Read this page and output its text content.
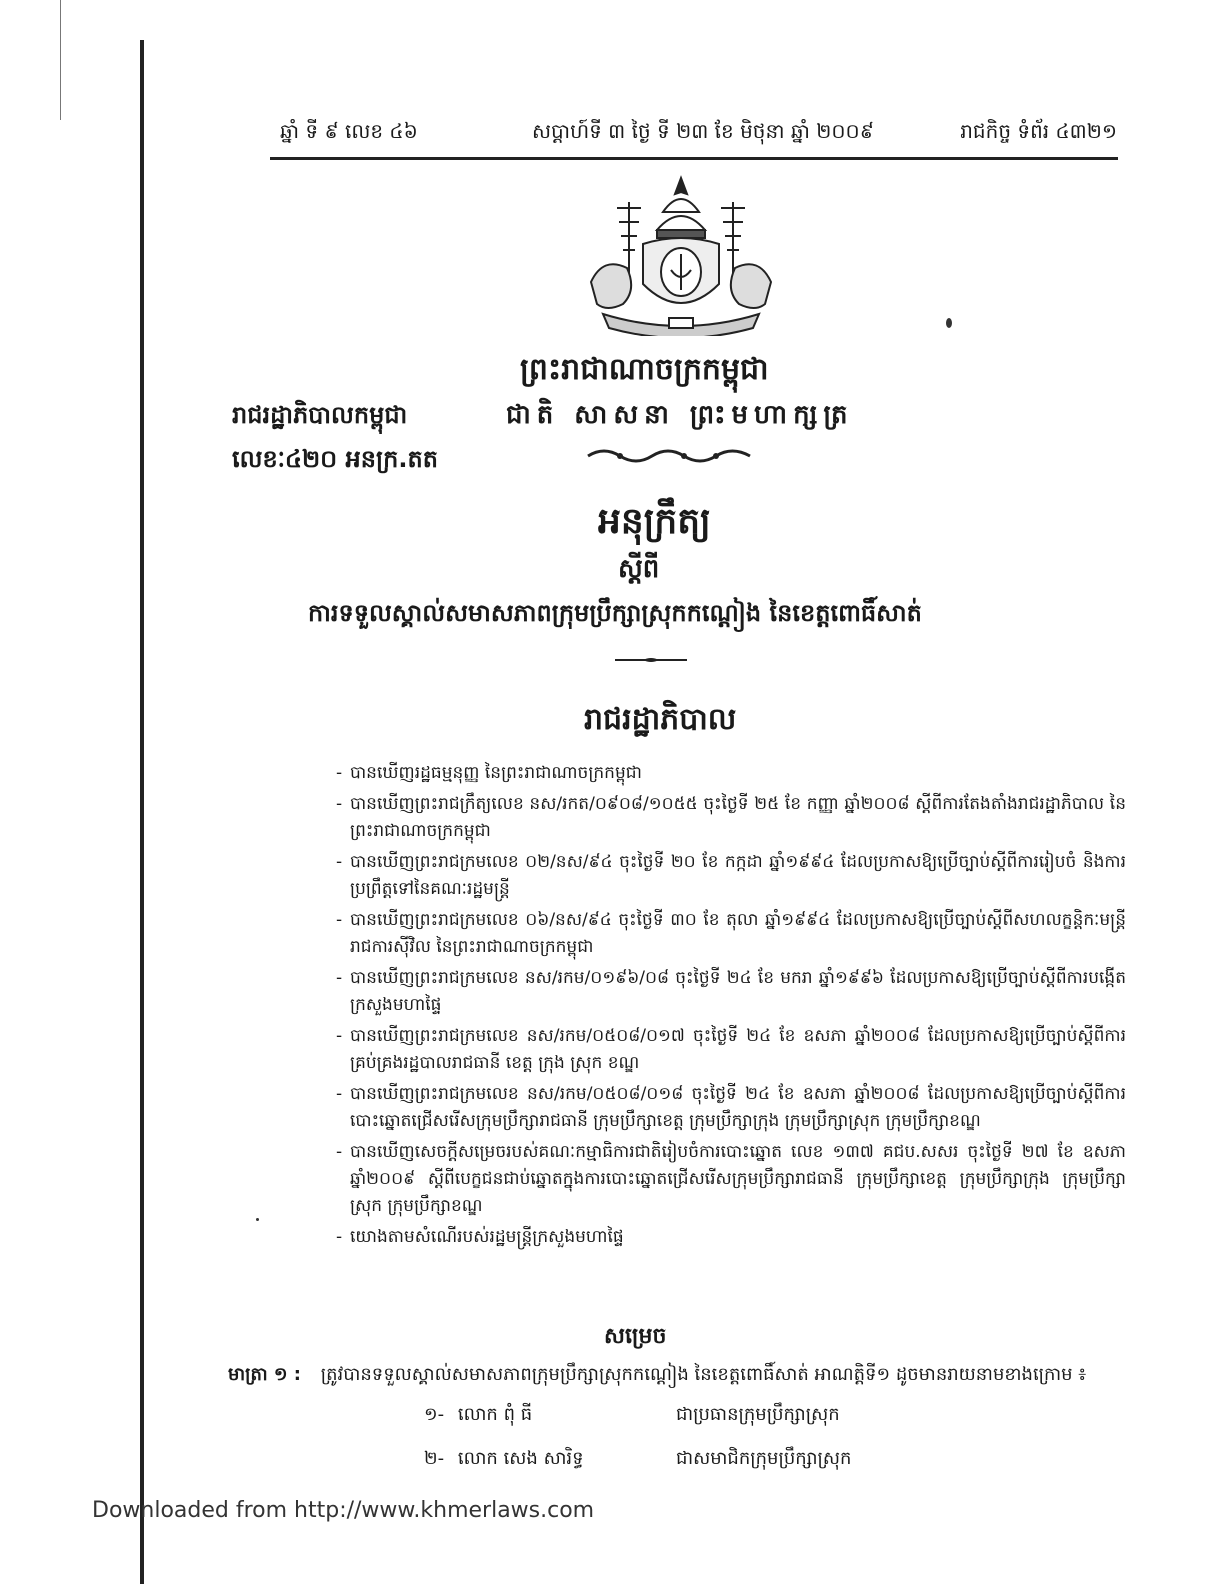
ឆ្នាំ ទី ៩ លេខ ៤៦	សប្តាហ៍ទី ៣ ថ្ងៃ ទី ២៣ ខែ មិថុនា ឆ្នាំ ២០០៩	រាជកិច្ច ទំព័រ ៤៣២១
ព្រះរាជាណាចក្រកម្ពុជា
រាជរដ្ឋាភិបាលកម្ពុជា	ជាតិ សាសនា ព្រះមហាក្សត្រ
លេខៈ៤២០ អនក្រ.តត
អនុក្រឹត្យ
ស្តីពី
ការទទួលស្គាល់សមាសភាពក្រុមប្រឹក្សាស្រុកកណ្តៀង នៃខេត្តពោធិ៍សាត់
រាជរដ្ឋាភិបាល

- បានឃើញរដ្ឋធម្មនុញ្ញ នៃព្រះរាជាណាចក្រកម្ពុជា

- បានឃើញព្រះរាជក្រឹត្យលេខ នស/រកត/០៩០៨/១០៥៥ ចុះថ្ងៃទី ២៥ ខែ កញ្ញា ឆ្នាំ២០០៨ ស្តីពីការតែងតាំងរាជរដ្ឋាភិបាល នៃព្រះរាជាណាចក្រកម្ពុជា

- បានឃើញព្រះរាជក្រមលេខ ០២/នស/៩៤ ចុះថ្ងៃទី ២០ ខែ កក្កដា ឆ្នាំ១៩៩៤ ដែលប្រកាសឱ្យប្រើច្បាប់ស្តីពីការរៀបចំ និងការប្រព្រឹត្តទៅនៃគណៈរដ្ឋមន្ត្រី

- បានឃើញព្រះរាជក្រមលេខ ០៦/នស/៩៤ ចុះថ្ងៃទី ៣០ ខែ តុលា ឆ្នាំ១៩៩៤ ដែលប្រកាសឱ្យប្រើច្បាប់ស្តីពីសហលក្ខន្តិកៈមន្ត្រីរាជការស៊ីវិល នៃព្រះរាជាណាចក្រកម្ពុជា

- បានឃើញព្រះរាជក្រមលេខ នស/រកម/០១៩៦/០៨ ចុះថ្ងៃទី ២៤ ខែ មករា ឆ្នាំ១៩៩៦ ដែលប្រកាសឱ្យប្រើច្បាប់ស្តីពីការបង្កើតក្រសួងមហាផ្ទៃ

- បានឃើញព្រះរាជក្រមលេខ នស/រកម/០៥០៨/០១៧ ចុះថ្ងៃទី ២៤ ខែ ឧសភា ឆ្នាំ២០០៨ ដែលប្រកាសឱ្យប្រើច្បាប់ស្តីពីការគ្រប់គ្រងរដ្ឋបាលរាជធានី ខេត្ត ក្រុង ស្រុក ខណ្ឌ

- បានឃើញព្រះរាជក្រមលេខ នស/រកម/០៥០៨/០១៨ ចុះថ្ងៃទី ២៤ ខែ ឧសភា ឆ្នាំ២០០៨ ដែលប្រកាសឱ្យប្រើច្បាប់ស្តីពីការបោះឆ្នោតជ្រើសរើសក្រុមប្រឹក្សារាជធានី ក្រុមប្រឹក្សាខេត្ត ក្រុមប្រឹក្សាក្រុង ក្រុមប្រឹក្សាស្រុក ក្រុមប្រឹក្សាខណ្ឌ

- បានឃើញសេចក្តីសម្រេចរបស់គណៈកម្មាធិការជាតិរៀបចំការបោះឆ្នោត លេខ ១៣៧ គជប.សសរ ចុះថ្ងៃទី ២៧ ខែ ឧសភា ឆ្នាំ២០០៩ ស្តីពីបេក្ខជនជាប់ឆ្នោតក្នុងការបោះឆ្នោតជ្រើសរើសក្រុមប្រឹក្សារាជធានី ក្រុមប្រឹក្សាខេត្ត ក្រុមប្រឹក្សាក្រុង ក្រុមប្រឹក្សាស្រុក ក្រុមប្រឹក្សាខណ្ឌ

- យោងតាមសំណើរបស់រដ្ឋមន្ត្រីក្រសួងមហាផ្ទៃ

សម្រេច
មាត្រា ១ : ត្រូវបានទទួលស្គាល់សមាសភាពក្រុមប្រឹក្សាស្រុកកណ្តៀង នៃខេត្តពោធិ៍សាត់ អាណត្តិទី១ ដូចមានរាយនាមខាងក្រោម ៖
១- លោក ពុំ ធី	ជាប្រធានក្រុមប្រឹក្សាស្រុក
២- លោក សេង សារិទ្ធ	ជាសមាជិកក្រុមប្រឹក្សាស្រុក
Downloaded from http://www.khmerlaws.com
